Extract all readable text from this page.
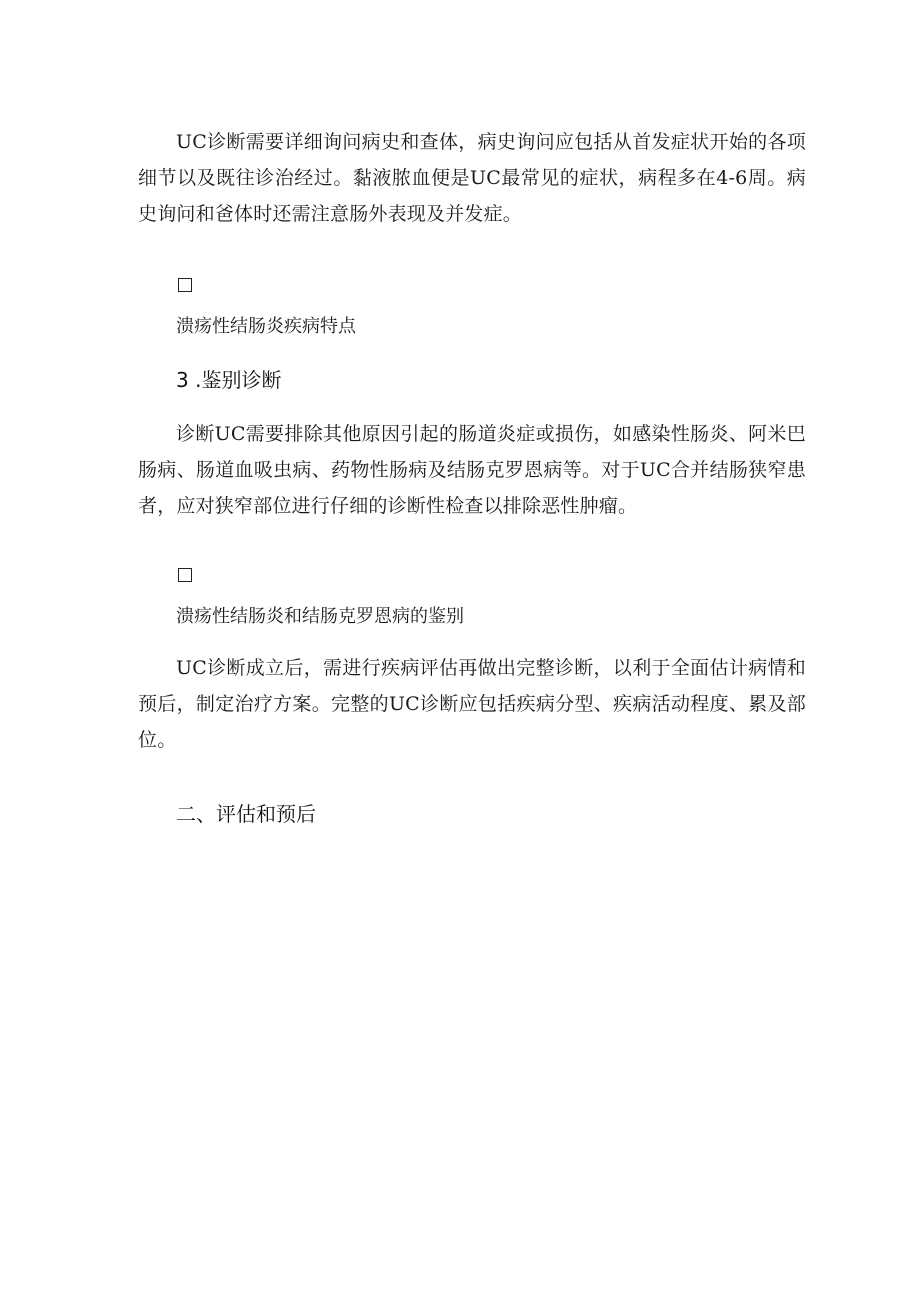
UC诊断需要详细询问病史和查体，病史询问应包括从首发症状开始的各项细节以及既往诊治经过。黏液脓血便是UC最常见的症状，病程多在4-6周。病史询问和爸体时还需注意肠外表现及并发症。
溃疡性结肠炎疾病特点
3 .鉴别诊断
诊断UC需要排除其他原因引起的肠道炎症或损伤，如感染性肠炎、阿米巴肠病、肠道血吸虫病、药物性肠病及结肠克罗恩病等。对于UC合并结肠狭窄患者，应对狭窄部位进行仔细的诊断性检查以排除恶性肿瘤。
溃疡性结肠炎和结肠克罗恩病的鉴别
UC诊断成立后，需进行疾病评估再做出完整诊断，以利于全面估计病情和预后，制定治疗方案。完整的UC诊断应包括疾病分型、疾病活动程度、累及部位。
二、评估和预后
